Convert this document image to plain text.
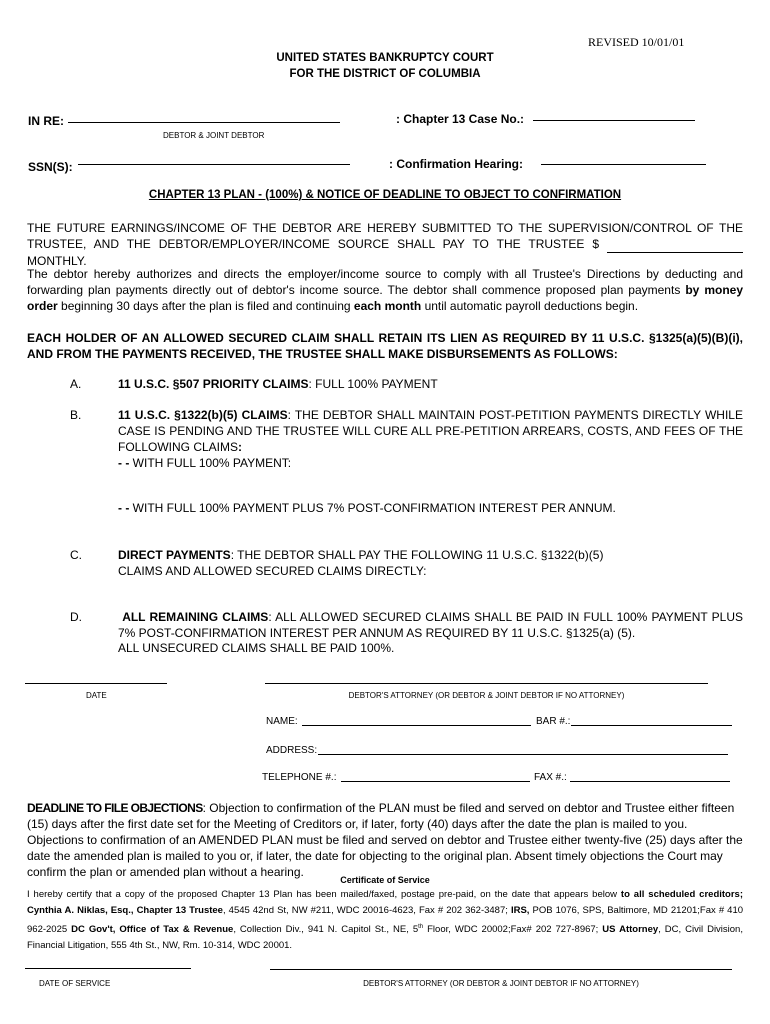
REVISED 10/01/01
UNITED STATES BANKRUPTCY COURT
FOR THE DISTRICT OF COLUMBIA
IN RE:
DEBTOR & JOINT DEBTOR
: Chapter 13 Case No.:
SSN(S):	: Confirmation Hearing:
CHAPTER 13 PLAN - (100%) & NOTICE OF DEADLINE TO OBJECT TO CONFIRMATION
THE FUTURE EARNINGS/INCOME OF THE DEBTOR ARE HEREBY SUBMITTED TO THE SUPERVISION/CONTROL OF THE TRUSTEE, AND THE DEBTOR/EMPLOYER/INCOME SOURCE SHALL PAY TO THE TRUSTEE $   MONTHLY.
The debtor hereby authorizes and directs the employer/income source to comply with all Trustee's Directions by deducting and forwarding plan payments directly out of debtor's income source. The debtor shall commence proposed plan payments by money order beginning 30 days after the plan is filed and continuing each month until automatic payroll deductions begin.
EACH HOLDER OF AN ALLOWED SECURED CLAIM SHALL RETAIN ITS LIEN AS REQUIRED BY 11 U.S.C. §1325(a)(5)(B)(i), AND FROM THE PAYMENTS RECEIVED, THE TRUSTEE SHALL MAKE DISBURSEMENTS AS FOLLOWS:
A.	11 U.S.C. §507 PRIORITY CLAIMS: FULL 100% PAYMENT
B.	11 U.S.C. §1322(b)(5) CLAIMS: THE DEBTOR SHALL MAINTAIN POST-PETITION PAYMENTS DIRECTLY WHILE CASE IS PENDING AND THE TRUSTEE WILL CURE ALL PRE-PETITION ARREARS, COSTS, AND FEES OF THE FOLLOWING CLAIMS:
- - WITH FULL 100% PAYMENT:
- - WITH FULL 100% PAYMENT PLUS 7% POST-CONFIRMATION INTEREST PER ANNUM.
C.	DIRECT PAYMENTS: THE DEBTOR SHALL PAY THE FOLLOWING 11 U.S.C. §1322(b)(5) CLAIMS AND ALLOWED SECURED CLAIMS DIRECTLY:
D.	ALL REMAINING CLAIMS: ALL ALLOWED SECURED CLAIMS SHALL BE PAID IN FULL 100% PAYMENT PLUS 7% POST-CONFIRMATION INTEREST PER ANNUM AS REQUIRED BY 11 U.S.C. §1325(a) (5).
ALL UNSECURED CLAIMS SHALL BE PAID 100%.
DATE	DEBTOR'S ATTORNEY (OR DEBTOR & JOINT DEBTOR IF NO ATTORNEY)
NAME:	BAR #.:
ADDRESS:
TELEPHONE #.:	FAX #.:
DEADLINE TO FILE OBJECTIONS: Objection to confirmation of the PLAN must be filed and served on debtor and Trustee either fifteen (15) days after the first date set for the Meeting of Creditors or, if later, forty (40) days after the date the plan is mailed to you. Objections to confirmation of an AMENDED PLAN must be filed and served on debtor and Trustee either twenty-five (25) days after the date the amended plan is mailed to you or, if later, the date for objecting to the original plan. Absent timely objections the Court may confirm the plan or amended plan without a hearing.
Certificate of Service
I hereby certify that a copy of the proposed Chapter 13 Plan has been mailed/faxed, postage pre-paid, on the date that appears below to all scheduled creditors; Cynthia A. Niklas, Esq., Chapter 13 Trustee, 4545 42nd St, NW #211, WDC 20016-4623, Fax # 202 362-3487; IRS, POB 1076, SPS, Baltimore, MD 21201;Fax # 410 962-2025 DC Gov't, Office of Tax & Revenue, Collection Div., 941 N. Capitol St., NE, 5th Floor, WDC 20002;Fax# 202 727-8967; US Attorney, DC, Civil Division, Financial Litigation, 555 4th St., NW, Rm. 10-314, WDC 20001.
DATE OF SERVICE	DEBTOR'S ATTORNEY (OR DEBTOR & JOINT DEBTOR IF NO ATTORNEY)
